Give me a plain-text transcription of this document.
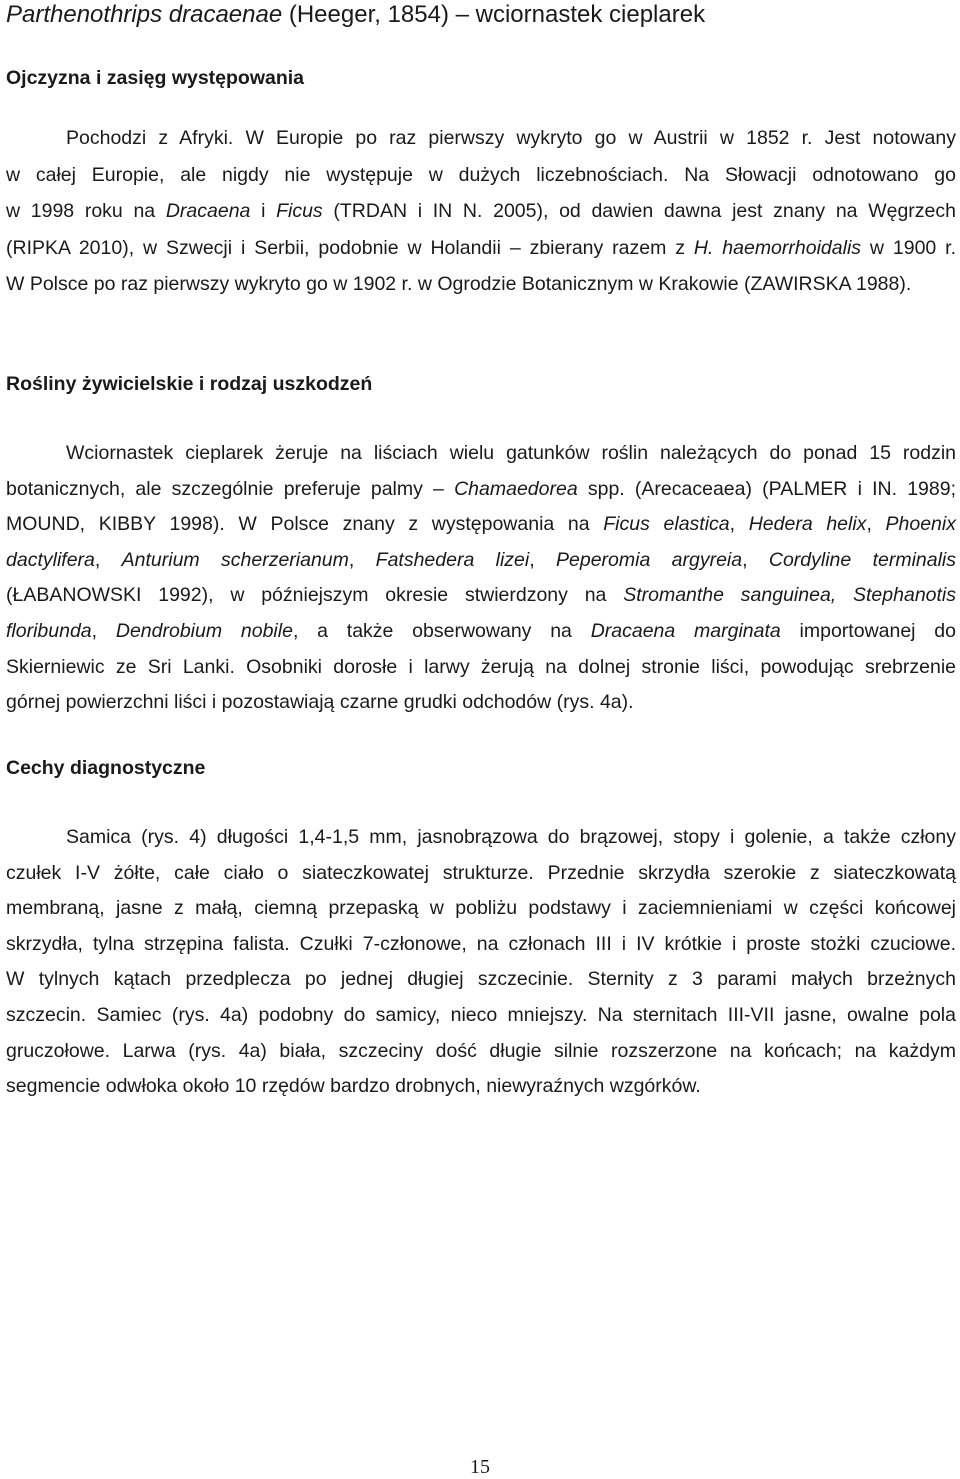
Parthenothrips dracaenae (Heeger, 1854) – wciornastek cieplarek
Ojczyzna i zasięg występowania
Pochodzi z Afryki. W Europie po raz pierwszy wykryto go w Austrii w 1852 r. Jest notowany
w całej Europie, ale nigdy nie występuje w dużych liczebnościach. Na Słowacji odnotowano go
w 1998 roku na Dracaena i Ficus (TRDAN i IN N. 2005), od dawien dawna jest znany na Węgrzech
(RIPKA 2010), w Szwecji i Serbii, podobnie w Holandii – zbierany razem z H. haemorrhoidalis w 1900 r.
W Polsce po raz pierwszy wykryto go w 1902 r. w Ogrodzie Botanicznym w Krakowie (ZAWIRSKA 1988).
Rośliny żywicielskie i rodzaj uszkodzeń
Wciornastek cieplarek żeruje na liściach wielu gatunków roślin należących do ponad 15 rodzin
botanicznych, ale szczególnie preferuje palmy – Chamaedorea spp. (Arecaceaea) (PALMER i IN. 1989;
MOUND, KIBBY 1998). W Polsce znany z występowania na Ficus elastica, Hedera helix, Phoenix
dactylifera, Anturium scherzerianum, Fatshedera lizei, Peperomia argyreia, Cordyline terminalis
(ŁABANOWSKI 1992), w późniejszym okresie stwierdzony na Stromanthe sanguinea, Stephanotis
floribunda, Dendrobium nobile, a także obserwowany na Dracaena marginata importowanej do
Skierniewic ze Sri Lanki. Osobniki dorosłe i larwy żerują na dolnej stronie liści, powodując srebrzenie
górnej powierzchni liści i pozostawiają czarne grudki odchodów (rys. 4a).
Cechy diagnostyczne
Samica (rys. 4) długości 1,4-1,5 mm, jasnobrązowa do brązowej, stopy i golenie, a także człony
czułek I-V żółte, całe ciało o siateczkowatej strukturze. Przednie skrzydła szerokie z siateczkowatą
membraną, jasne z małą, ciemną przepaską w pobliżu podstawy i zaciemnieniami w części końcowej
skrzydła, tylna strzępina falista. Czułki 7-członowe, na członach III i IV krótkie i proste stożki czuciowe.
W tylnych kątach przedplecza po jednej długiej szczecinie. Sternity z 3 parami małych brzeżnych
szczecin. Samiec (rys. 4a) podobny do samicy, nieco mniejszy. Na sternitach III-VII jasne, owalne pola
gruczołowe. Larwa (rys. 4a) biała, szczeciny dość długie silnie rozszerzone na końcach; na każdym
segmencie odwłoka około 10 rzędów bardzo drobnych, niewyraźnych wzgórków.
15
